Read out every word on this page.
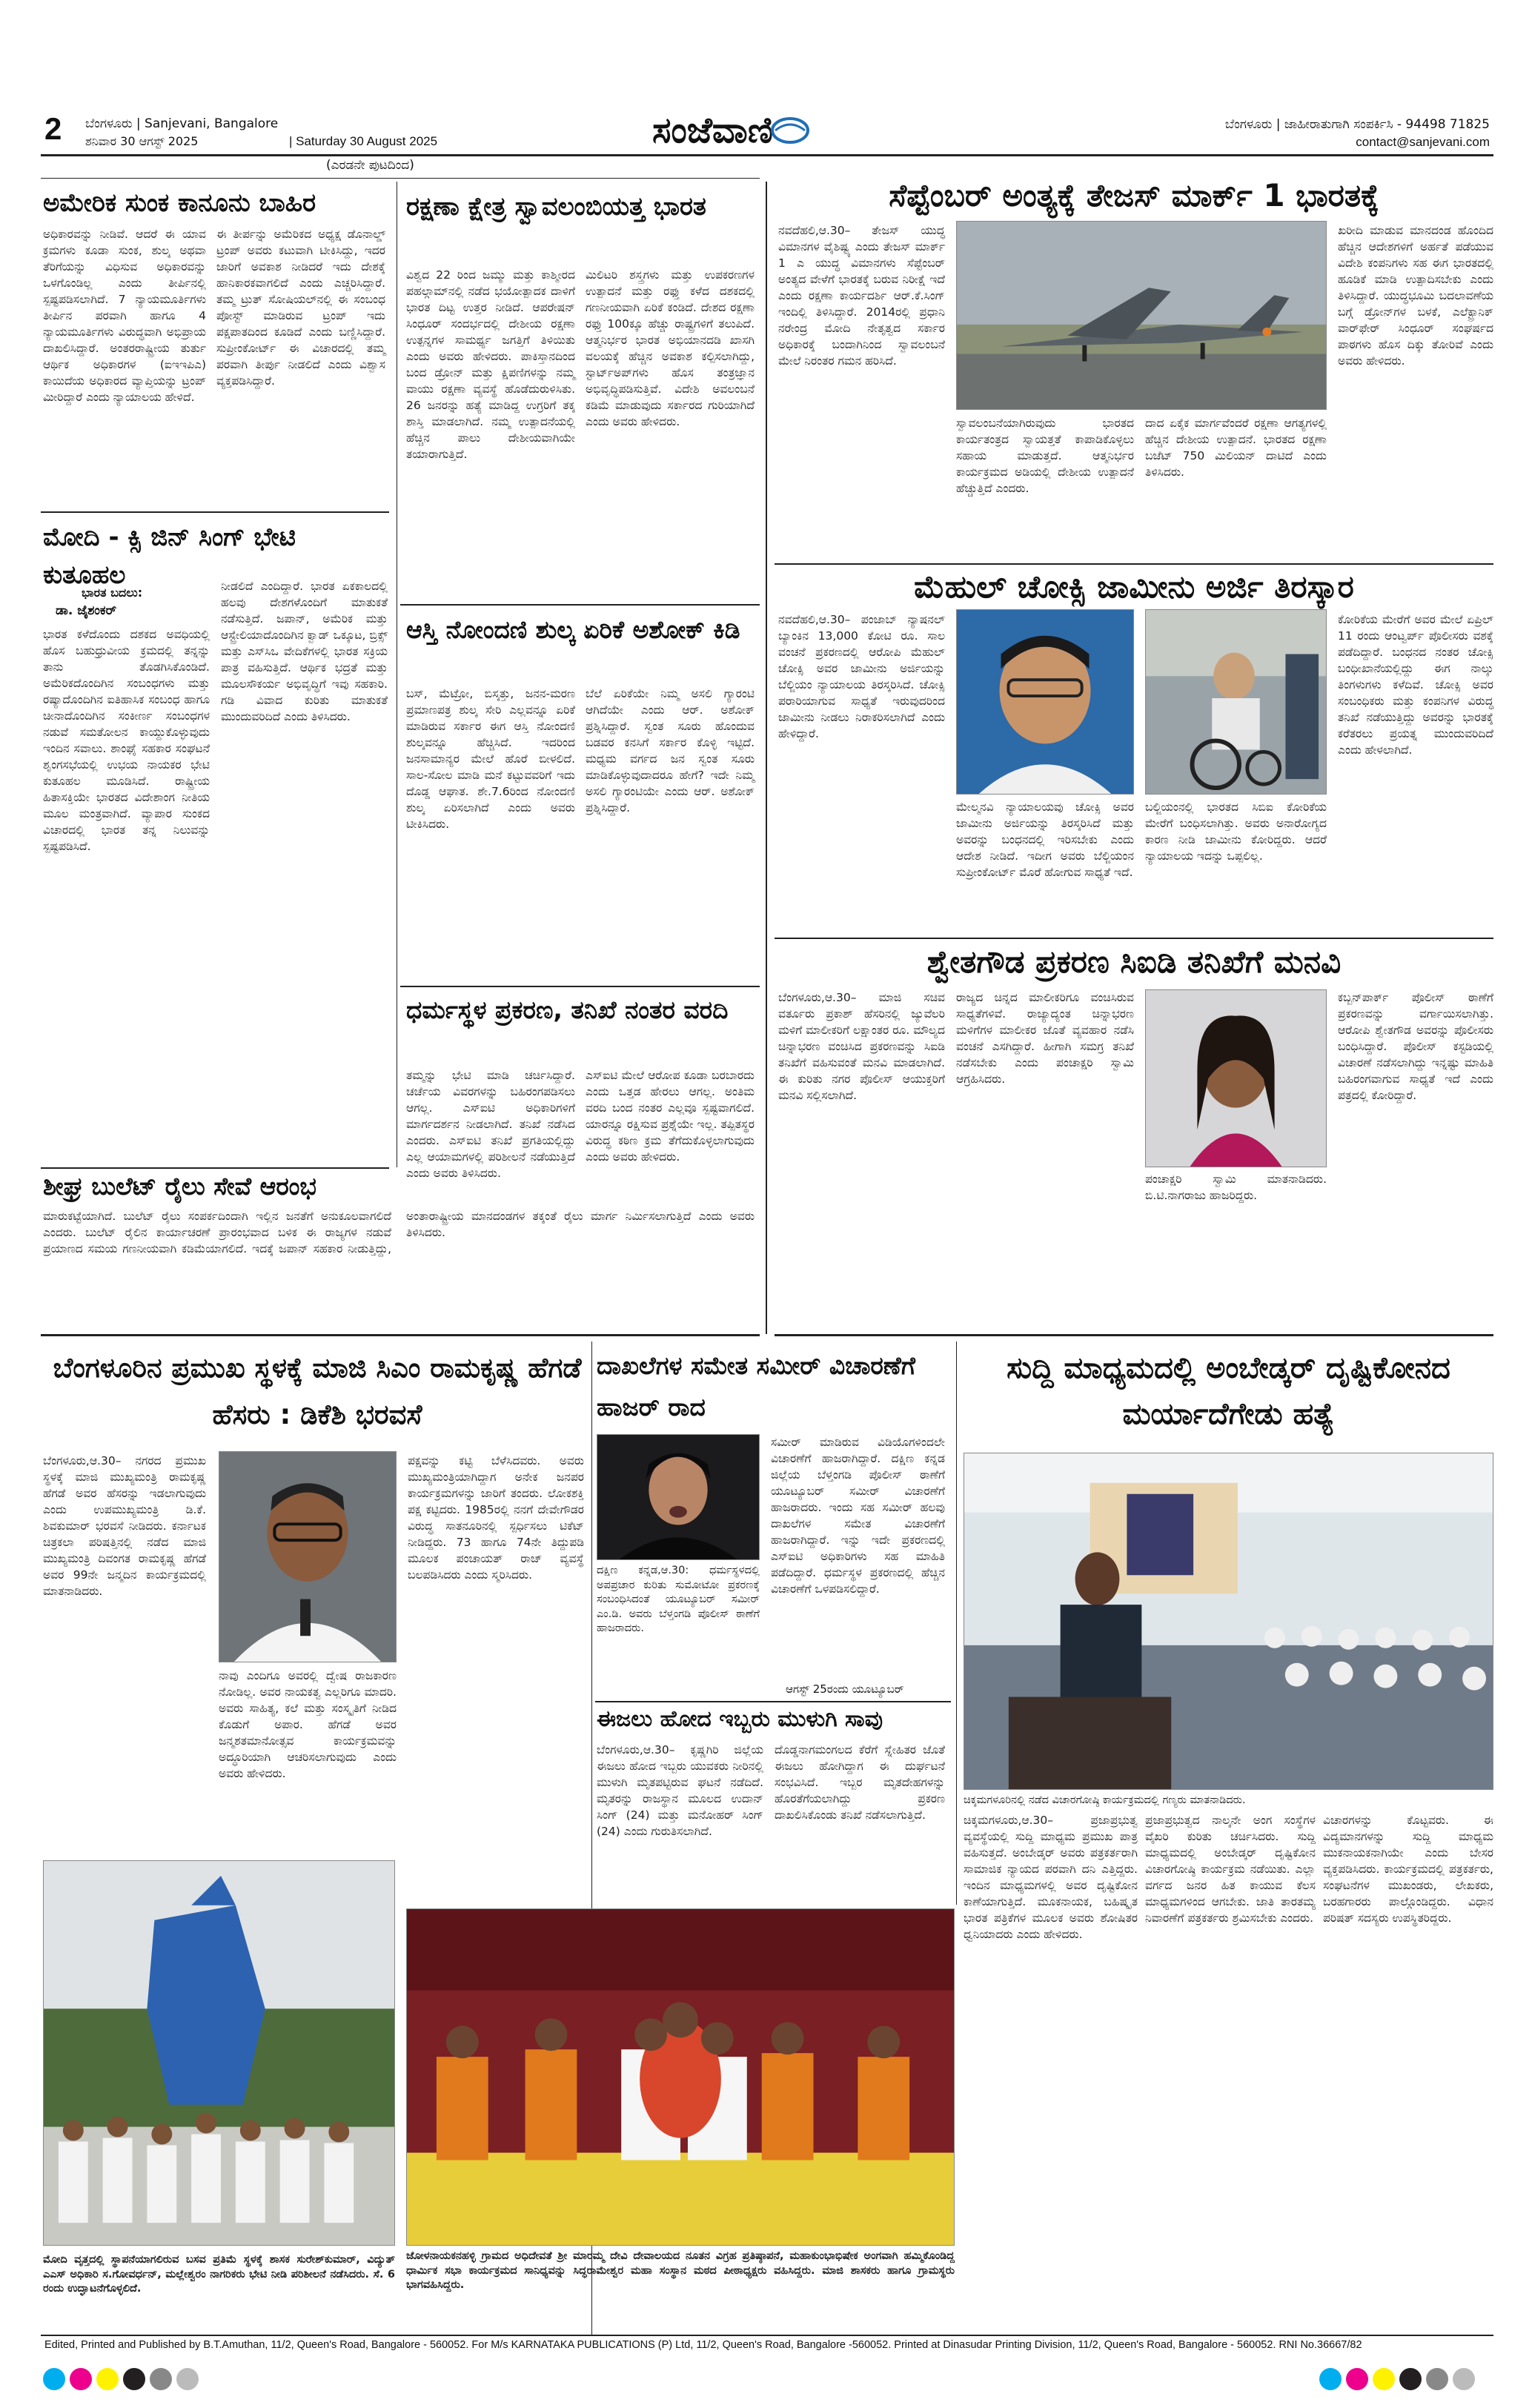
2 ಬೆಂಗಳೂರು | Sanjevani, Bangalore
ಶನಿವಾರ 30 ಆಗಸ್ಟ್ 2025	| Saturday 30 August 2025	ಸಂಜೆವಾಣಿ	ಬೆಂಗಳೂರು | ಜಾಹೀರಾತುಗಾಗಿ ಸಂಪರ್ಕಿಸಿ - 94498 71825
contact@sanjevani.com
(ಎರಡನೇ ಪುಟದಿಂದ)
ಅಮೇರಿಕ ಸುಂಕ ಕಾನೂನು ಬಾಹಿರ
ಅಧಿಕಾರವನ್ನು ನೀಡಿವೆ. ಆದರೆ ಈ ಯಾವ ಕ್ರಮಗಳು ಕೂಡಾ ಸುಂಕ, ಶುಲ್ಕ ಅಥವಾ ತೆರಿಗೆಯನ್ನು ವಿಧಿಸುವ ಅಧಿಕಾರವನ್ನು ಒಳಗೊಂಡಿಲ್ಲ ಎಂದು ತೀರ್ಪಿನಲ್ಲಿ ಸ್ಪಷ್ಟಪಡಿಸಲಾಗಿದೆ. 7 ನ್ಯಾಯಮೂರ್ತಿಗಳು ತೀರ್ಪಿನ ಪರವಾಗಿ ಹಾಗೂ 4 ನ್ಯಾಯಮೂರ್ತಿಗಳು ವಿರುದ್ಧವಾಗಿ ಅಭಿಪ್ರಾಯ ದಾಖಲಿಸಿದ್ದಾರೆ. ಅಂತರರಾಷ್ಟ್ರೀಯ ತುರ್ತು ಆರ್ಥಿಕ ಅಧಿಕಾರಗಳ (ಐಇಇಪಿಎ) ಕಾಯಿದೆಯ ಅಧಿಕಾರದ ವ್ಯಾಪ್ತಿಯನ್ನು ಟ್ರಂಪ್ ಮೀರಿದ್ದಾರೆ ಎಂದು ನ್ಯಾಯಾಲಯ ಹೇಳಿದೆ.
ಈ ತೀರ್ಪನ್ನು ಅಮೆರಿಕದ ಅಧ್ಯಕ್ಷ ಡೊನಾಲ್ಡ್ ಟ್ರಂಪ್ ಅವರು ಕಟುವಾಗಿ ಟೀಕಿಸಿದ್ದು, ಇದರ ಜಾರಿಗೆ ಅವಕಾಶ ನೀಡಿದರೆ ಇದು ದೇಶಕ್ಕೆ ಹಾನಿಕಾರಕವಾಗಲಿದೆ ಎಂದು ಎಚ್ಚರಿಸಿದ್ದಾರೆ. ತಮ್ಮ ಟ್ರುತ್ ಸೋಷಿಯಲ್‌ನಲ್ಲಿ ಈ ಸಂಬಂಧ ಪೋಸ್ಟ್ ಮಾಡಿರುವ ಟ್ರಂಪ್ ಇದು ಪಕ್ಷಪಾತದಿಂದ ಕೂಡಿದೆ ಎಂದು ಬಣ್ಣಿಸಿದ್ದಾರೆ. ಸುಪ್ರೀಂಕೋರ್ಟ್ ಈ ವಿಚಾರದಲ್ಲಿ ತಮ್ಮ ಪರವಾಗಿ ತೀರ್ಪು ನೀಡಲಿದೆ ಎಂದು ವಿಶ್ವಾಸ ವ್ಯಕ್ತಪಡಿಸಿದ್ದಾರೆ.
ಮೋದಿ - ಕ್ಸಿ ಜಿನ್ ಸಿಂಗ್ ಭೇಟಿ ಕುತೂಹಲ
ಭಾರತ ಬದಲು:
ಡಾ. ಜೈಶಂಕರ್
ಭಾರತ ಕಳೆದೊಂದು ದಶಕದ ಅವಧಿಯಲ್ಲಿ ಹೊಸ ಬಹುಧ್ರುವೀಯ ಕ್ರಮದಲ್ಲಿ ತನ್ನನ್ನು ತಾನು ತೊಡಗಿಸಿಕೊಂಡಿದೆ. ಅಮೆರಿಕದೊಂದಿಗಿನ ಸಂಬಂಧಗಳು ಮತ್ತು ರಷ್ಯಾದೊಂದಿಗಿನ ಐತಿಹಾಸಿಕ ಸಂಬಂಧ ಹಾಗೂ ಚೀನಾದೊಂದಿಗಿನ ಸಂಕೀರ್ಣ ಸಂಬಂಧಗಳ ನಡುವೆ ಸಮತೋಲನ ಕಾಯ್ದುಕೊಳ್ಳುವುದು ಇಂದಿನ ಸವಾಲು. ಶಾಂಘೈ ಸಹಕಾರ ಸಂಘಟನೆ ಶೃಂಗಸಭೆಯಲ್ಲಿ ಉಭಯ ನಾಯಕರ ಭೇಟಿ ಕುತೂಹಲ ಮೂಡಿಸಿದೆ. ರಾಷ್ಟ್ರೀಯ ಹಿತಾಸಕ್ತಿಯೇ ಭಾರತದ ವಿದೇಶಾಂಗ ನೀತಿಯ ಮೂಲ ಮಂತ್ರವಾಗಿದೆ. ವ್ಯಾಪಾರ ಸುಂಕದ ವಿಚಾರದಲ್ಲಿ ಭಾರತ ತನ್ನ ನಿಲುವನ್ನು ಸ್ಪಷ್ಟಪಡಿಸಿದೆ.
ನೀಡಲಿದೆ ಎಂದಿದ್ದಾರೆ. ಭಾರತ ಏಕಕಾಲದಲ್ಲಿ ಹಲವು ದೇಶಗಳೊಂದಿಗೆ ಮಾತುಕತೆ ನಡೆಸುತ್ತಿದೆ. ಜಪಾನ್, ಅಮೆರಿಕ ಮತ್ತು ಆಸ್ಟ್ರೇಲಿಯಾದೊಂದಿಗಿನ ಕ್ವಾಡ್ ಒಕ್ಕೂಟ, ಬ್ರಿಕ್ಸ್ ಮತ್ತು ಎಸ್‌ಸಿಒ ವೇದಿಕೆಗಳಲ್ಲಿ ಭಾರತ ಸಕ್ರಿಯ ಪಾತ್ರ ವಹಿಸುತ್ತಿದೆ. ಆರ್ಥಿಕ ಭದ್ರತೆ ಮತ್ತು ಮೂಲಸೌಕರ್ಯ ಅಭಿವೃದ್ಧಿಗೆ ಇವು ಸಹಕಾರಿ. ಗಡಿ ವಿವಾದ ಕುರಿತು ಮಾತುಕತೆ ಮುಂದುವರಿದಿದೆ ಎಂದು ತಿಳಿಸಿದರು.
ಶೀಘ್ರ ಬುಲೆಟ್ ರೈಲು ಸೇವೆ ಆರಂಭ
ಮಾರುಕಟ್ಟೆಯಾಗಿದೆ. ಬುಲೆಟ್ ರೈಲು ಸಂಪರ್ಕದಿಂದಾಗಿ ಇಲ್ಲಿನ ಜನತೆಗೆ ಅನುಕೂಲವಾಗಲಿದೆ ಎಂದರು. ಬುಲೆಟ್ ರೈಲಿನ ಕಾರ್ಯಾಚರಣೆ ಪ್ರಾರಂಭವಾದ ಬಳಿಕ ಈ ರಾಜ್ಯಗಳ ನಡುವೆ ಪ್ರಯಾಣದ ಸಮಯ ಗಣನೀಯವಾಗಿ ಕಡಿಮೆಯಾಗಲಿದೆ. ಇದಕ್ಕೆ ಜಪಾನ್ ಸಹಕಾರ ನೀಡುತ್ತಿದ್ದು, ಅಂತಾರಾಷ್ಟ್ರೀಯ ಮಾನದಂಡಗಳ ತಕ್ಕಂತೆ ರೈಲು ಮಾರ್ಗ ನಿರ್ಮಿಸಲಾಗುತ್ತಿದೆ ಎಂದು ಅವರು ತಿಳಿಸಿದರು.
ರಕ್ಷಣಾ ಕ್ಷೇತ್ರ ಸ್ವಾವಲಂಬಿಯತ್ತ ಭಾರತ
ವಿಶ್ವದ 22 ರಿಂದ ಜಮ್ಮು ಮತ್ತು ಕಾಶ್ಮೀರದ ಪಹಲ್ಗಾಮ್‌ನಲ್ಲಿ ನಡೆದ ಭಯೋತ್ಪಾದಕ ದಾಳಿಗೆ ಭಾರತ ದಿಟ್ಟ ಉತ್ತರ ನೀಡಿದೆ. ಆಪರೇಷನ್ ಸಿಂಧೂರ್ ಸಂದರ್ಭದಲ್ಲಿ ದೇಶೀಯ ರಕ್ಷಣಾ ಉತ್ಪನ್ನಗಳ ಸಾಮರ್ಥ್ಯ ಜಗತ್ತಿಗೆ ತಿಳಿಯಿತು ಎಂದು ಅವರು ಹೇಳಿದರು. ಪಾಕಿಸ್ತಾನದಿಂದ ಬಂದ ಡ್ರೋನ್ ಮತ್ತು ಕ್ಷಿಪಣಿಗಳನ್ನು ನಮ್ಮ ವಾಯು ರಕ್ಷಣಾ ವ್ಯವಸ್ಥೆ ಹೊಡೆದುರುಳಿಸಿತು. 26 ಜನರನ್ನು ಹತ್ಯೆ ಮಾಡಿದ್ದ ಉಗ್ರರಿಗೆ ತಕ್ಕ ಶಾಸ್ತಿ ಮಾಡಲಾಗಿದೆ. ನಮ್ಮ ಉತ್ಪಾದನೆಯಲ್ಲಿ ಹೆಚ್ಚಿನ ಪಾಲು ದೇಶೀಯವಾಗಿಯೇ ತಯಾರಾಗುತ್ತಿದೆ.
ಮಿಲಿಟರಿ ಶಸ್ತ್ರಗಳು ಮತ್ತು ಉಪಕರಣಗಳ ಉತ್ಪಾದನೆ ಮತ್ತು ರಫ್ತು ಕಳೆದ ದಶಕದಲ್ಲಿ ಗಣನೀಯವಾಗಿ ಏರಿಕೆ ಕಂಡಿದೆ. ದೇಶದ ರಕ್ಷಣಾ ರಫ್ತು 100ಕ್ಕೂ ಹೆಚ್ಚು ರಾಷ್ಟ್ರಗಳಿಗೆ ತಲುಪಿದೆ. ಆತ್ಮನಿರ್ಭರ ಭಾರತ ಅಭಿಯಾನದಡಿ ಖಾಸಗಿ ವಲಯಕ್ಕೆ ಹೆಚ್ಚಿನ ಅವಕಾಶ ಕಲ್ಪಿಸಲಾಗಿದ್ದು, ಸ್ಟಾರ್ಟ್‌ಅಪ್‌ಗಳು ಹೊಸ ತಂತ್ರಜ್ಞಾನ ಅಭಿವೃದ್ಧಿಪಡಿಸುತ್ತಿವೆ. ವಿದೇಶಿ ಅವಲಂಬನೆ ಕಡಿಮೆ ಮಾಡುವುದು ಸರ್ಕಾರದ ಗುರಿಯಾಗಿದೆ ಎಂದು ಅವರು ಹೇಳಿದರು.
ಆಸ್ತಿ ನೋಂದಣಿ ಶುಲ್ಕ ಏರಿಕೆ ಅಶೋಕ್ ಕಿಡಿ
ಬಸ್, ಮೆಟ್ರೋ, ಬಿಸ್ಕತ್ತು, ಜನನ-ಮರಣ ಪ್ರಮಾಣಪತ್ರ ಶುಲ್ಕ ಸೇರಿ ಎಲ್ಲವನ್ನೂ ಏರಿಕೆ ಮಾಡಿರುವ ಸರ್ಕಾರ ಈಗ ಆಸ್ತಿ ನೋಂದಣಿ ಶುಲ್ಕವನ್ನೂ ಹೆಚ್ಚಿಸಿದೆ. ಇದರಿಂದ ಜನಸಾಮಾನ್ಯರ ಮೇಲೆ ಹೊರೆ ಬೀಳಲಿದೆ. ಸಾಲ-ಸೋಲ ಮಾಡಿ ಮನೆ ಕಟ್ಟುವವರಿಗೆ ಇದು ದೊಡ್ಡ ಆಘಾತ. ಶೇ.7.6ರಿಂದ ನೋಂದಣಿ ಶುಲ್ಕ ಏರಿಸಲಾಗಿದೆ ಎಂದು ಅವರು ಟೀಕಿಸಿದರು.
ಬೆಲೆ ಏರಿಕೆಯೇ ನಿಮ್ಮ ಅಸಲಿ ಗ್ಯಾರಂಟಿ ಆಗಿದೆಯೇ ಎಂದು ಆರ್. ಅಶೋಕ್ ಪ್ರಶ್ನಿಸಿದ್ದಾರೆ. ಸ್ವಂತ ಸೂರು ಹೊಂದುವ ಬಡವರ ಕನಸಿಗೆ ಸರ್ಕಾರ ಕೊಳ್ಳಿ ಇಟ್ಟಿದೆ. ಮಧ್ಯಮ ವರ್ಗದ ಜನ ಸ್ವಂತ ಸೂರು ಮಾಡಿಕೊಳ್ಳುವುದಾದರೂ ಹೇಗೆ? ಇದೇ ನಿಮ್ಮ ಅಸಲಿ ಗ್ಯಾರಂಟಿಯೇ ಎಂದು ಆರ್. ಅಶೋಕ್ ಪ್ರಶ್ನಿಸಿದ್ದಾರೆ.
ಧರ್ಮಸ್ಥಳ ಪ್ರಕರಣ, ತನಿಖೆ ನಂತರ ವರದಿ
ತಮ್ಮನ್ನು ಭೇಟಿ ಮಾಡಿ ಚರ್ಚಿಸಿದ್ದಾರೆ. ಚರ್ಚೆಯ ವಿವರಗಳನ್ನು ಬಹಿರಂಗಪಡಿಸಲು ಆಗಲ್ಲ. ಎಸ್‌ಐಟಿ ಅಧಿಕಾರಿಗಳಿಗೆ ಮಾರ್ಗದರ್ಶನ ನೀಡಲಾಗಿದೆ. ತನಿಖೆ ನಡೆಸಿದ ಎಂದರು. ಎಸ್‌ಐಟಿ ತನಿಖೆ ಪ್ರಗತಿಯಲ್ಲಿದ್ದು ಎಲ್ಲ ಆಯಾಮಗಳಲ್ಲಿ ಪರಿಶೀಲನೆ ನಡೆಯುತ್ತಿದೆ ಎಂದು ಅವರು ತಿಳಿಸಿದರು.
ಎಸ್‌ಐಟಿ ಮೇಲೆ ಆರೋಪ ಕೂಡಾ ಬರಬಾರದು ಎಂದು ಒತ್ತಡ ಹೇರಲು ಆಗಲ್ಲ. ಅಂತಿಮ ವರದಿ ಬಂದ ನಂತರ ಎಲ್ಲವೂ ಸ್ಪಷ್ಟವಾಗಲಿದೆ. ಯಾರನ್ನೂ ರಕ್ಷಿಸುವ ಪ್ರಶ್ನೆಯೇ ಇಲ್ಲ. ತಪ್ಪಿತಸ್ಥರ ವಿರುದ್ಧ ಕಠಿಣ ಕ್ರಮ ತೆಗೆದುಕೊಳ್ಳಲಾಗುವುದು ಎಂದು ಅವರು ಹೇಳಿದರು.
ಸೆಪ್ಟೆಂಬರ್ ಅಂತ್ಯಕ್ಕೆ ತೇಜಸ್ ಮಾರ್ಕ್ 1 ಭಾರತಕ್ಕೆ
ನವದೆಹಲಿ,ಆ.30– ತೇಜಸ್ ಯುದ್ಧ ವಿಮಾನಗಳ ವೈಶಿಷ್ಟ್ಯ ಎಂದು ತೇಜಸ್ ಮಾರ್ಕ್ 1 ಎ ಯುದ್ಧ ವಿಮಾನಗಳು ಸೆಪ್ಟೆಂಬರ್ ಅಂತ್ಯದ ವೇಳೆಗೆ ಭಾರತಕ್ಕೆ ಬರುವ ನಿರೀಕ್ಷೆ ಇದೆ ಎಂದು ರಕ್ಷಣಾ ಕಾರ್ಯದರ್ಶಿ ಆರ್.ಕೆ.ಸಿಂಗ್ ಇಂದಿಲ್ಲಿ ತಿಳಿಸಿದ್ದಾರೆ. 2014ರಲ್ಲಿ ಪ್ರಧಾನಿ ನರೇಂದ್ರ ಮೋದಿ ನೇತೃತ್ವದ ಸರ್ಕಾರ ಅಧಿಕಾರಕ್ಕೆ ಬಂದಾಗಿನಿಂದ ಸ್ವಾವಲಂಬನೆ ಮೇಲೆ ನಿರಂತರ ಗಮನ ಹರಿಸಿದೆ.
ಸ್ವಾವಲಂಬನೆಯಾಗಿರುವುದು ಭಾರತದ ಕಾರ್ಯತಂತ್ರದ ಸ್ವಾಯತ್ತತೆ ಕಾಪಾಡಿಕೊಳ್ಳಲು ಸಹಾಯ ಮಾಡುತ್ತದೆ. ಆತ್ಮನಿರ್ಭರ ಕಾರ್ಯಕ್ರಮದ ಅಡಿಯಲ್ಲಿ ದೇಶೀಯ ಉತ್ಪಾದನೆ ಹೆಚ್ಚುತ್ತಿದೆ ಎಂದರು.
ದಾದ ಏಕೈಕ ಮಾರ್ಗವೆಂದರೆ ರಕ್ಷಣಾ ಆಗತ್ಯಗಳಲ್ಲಿ ಹೆಚ್ಚಿನ ದೇಶೀಯ ಉತ್ಪಾದನೆ. ಭಾರತದ ರಕ್ಷಣಾ ಬಜೆಟ್ 750 ಮಿಲಿಯನ್ ದಾಟಿದೆ ಎಂದು ತಿಳಿಸಿದರು.
ಖರೀದಿ ಮಾಡುವ ಮಾನದಂಡ ಹೊಂದಿದ ಹೆಚ್ಚಿನ ಆದೇಶಗಳಿಗೆ ಅರ್ಹತೆ ಪಡೆಯುವ ವಿದೇಶಿ ಕಂಪನಿಗಳು ಸಹ ಈಗ ಭಾರತದಲ್ಲಿ ಹೂಡಿಕೆ ಮಾಡಿ ಉತ್ಪಾದಿಸಬೇಕು ಎಂದು ತಿಳಿಸಿದ್ದಾರೆ. ಯುದ್ಧಭೂಮಿ ಬದಲಾವಣೆಯ ಬಗ್ಗೆ ಡ್ರೋನ್‌ಗಳ ಬಳಕೆ, ಎಲೆಕ್ಟ್ರಾನಿಕ್ ವಾರ್‌ಫೇರ್ ಸಿಂಧೂರ್ ಸಂಘರ್ಷದ ಪಾಠಗಳು ಹೊಸ ದಿಕ್ಕು ತೋರಿವೆ ಎಂದು ಅವರು ಹೇಳಿದರು.
ಮೆಹುಲ್ ಚೋಕ್ಸಿ ಜಾಮೀನು ಅರ್ಜಿ ತಿರಸ್ಕಾರ
ನವದೆಹಲಿ,ಆ.30– ಪಂಜಾಬ್ ನ್ಯಾಷನಲ್ ಬ್ಯಾಂಕಿನ 13,000 ಕೋಟಿ ರೂ. ಸಾಲ ವಂಚನೆ ಪ್ರಕರಣದಲ್ಲಿ ಆರೋಪಿ ಮೆಹುಲ್ ಚೋಕ್ಸಿ ಅವರ ಜಾಮೀನು ಅರ್ಜಿಯನ್ನು ಬೆಲ್ಜಿಯಂ ನ್ಯಾಯಾಲಯ ತಿರಸ್ಕರಿಸಿದೆ. ಚೋಕ್ಸಿ ಪರಾರಿಯಾಗುವ ಸಾಧ್ಯತೆ ಇರುವುದರಿಂದ ಜಾಮೀನು ನೀಡಲು ನಿರಾಕರಿಸಲಾಗಿದೆ ಎಂದು ಹೇಳಿದ್ದಾರೆ.
ಮೇಲ್ಮನವಿ ನ್ಯಾಯಾಲಯವು ಚೋಕ್ಸಿ ಅವರ ಜಾಮೀನು ಅರ್ಜಿಯನ್ನು ತಿರಸ್ಕರಿಸಿದೆ ಮತ್ತು ಅವರನ್ನು ಬಂಧನದಲ್ಲಿ ಇರಿಸಬೇಕು ಎಂದು ಆದೇಶ ನೀಡಿದೆ. ಇದೀಗ ಅವರು ಬೆಲ್ಜಿಯಂನ ಸುಪ್ರೀಂಕೋರ್ಟ್ ಮೊರೆ ಹೋಗುವ ಸಾಧ್ಯತೆ ಇದೆ.
ಬಲ್ಜಿಯಂನಲ್ಲಿ ಭಾರತದ ಸಿಬಿಐ ಕೋರಿಕೆಯ ಮೇರೆಗೆ ಬಂಧಿಸಲಾಗಿತ್ತು. ಅವರು ಅನಾರೋಗ್ಯದ ಕಾರಣ ನೀಡಿ ಜಾಮೀನು ಕೋರಿದ್ದರು. ಆದರೆ ನ್ಯಾಯಾಲಯ ಇದನ್ನು ಒಪ್ಪಲಿಲ್ಲ.
ಕೋರಿಕೆಯ ಮೇರೆಗೆ ಅವರ ಮೇಲೆ ಏಪ್ರಿಲ್ 11 ರಂದು ಆಂಟ್ವರ್ಪ್ ಪೊಲೀಸರು ವಶಕ್ಕೆ ಪಡೆದಿದ್ದಾರೆ. ಬಂಧನದ ನಂತರ ಚೋಕ್ಸಿ ಬಂಧೀಖಾನೆಯಲ್ಲಿದ್ದು ಈಗ ನಾಲ್ಕು ತಿಂಗಳುಗಳು ಕಳೆದಿವೆ. ಚೋಕ್ಸಿ ಅವರ ಸಂಬಂಧಿಕರು ಮತ್ತು ಕಂಪನಿಗಳ ವಿರುದ್ಧ ತನಿಖೆ ನಡೆಯುತ್ತಿದ್ದು ಅವರನ್ನು ಭಾರತಕ್ಕೆ ಕರೆತರಲು ಪ್ರಯತ್ನ ಮುಂದುವರಿದಿದೆ ಎಂದು ಹೇಳಲಾಗಿದೆ.
ಶ್ವೇತಗೌಡ ಪ್ರಕರಣ ಸಿಐಡಿ ತನಿಖೆಗೆ ಮನವಿ
ಬೆಂಗಳೂರು,ಆ.30– ಮಾಜಿ ಸಚಿವ ವರ್ತೂರು ಪ್ರಕಾಶ್ ಹೆಸರಿನಲ್ಲಿ ಜ್ಯುವೆಲರಿ ಮಳಿಗೆ ಮಾಲೀಕರಿಗೆ ಲಕ್ಷಾಂತರ ರೂ. ಮೌಲ್ಯದ ಚಿನ್ನಾಭರಣ ವಂಚಿಸಿದ ಪ್ರಕರಣವನ್ನು ಸಿಐಡಿ ತನಿಖೆಗೆ ವಹಿಸುವಂತೆ ಮನವಿ ಮಾಡಲಾಗಿದೆ. ಈ ಕುರಿತು ನಗರ ಪೊಲೀಸ್ ಆಯುಕ್ತರಿಗೆ ಮನವಿ ಸಲ್ಲಿಸಲಾಗಿದೆ.
ರಾಜ್ಯದ ಚಿನ್ನದ ಮಾಲೀಕರಿಗೂ ವಂಚಿಸಿರುವ ಸಾಧ್ಯತೆಗಳಿವೆ. ರಾಜ್ಯಾದ್ಯಂತ ಚಿನ್ನಾಭರಣ ಮಳಿಗೆಗಳ ಮಾಲೀಕರ ಜೊತೆ ವ್ಯವಹಾರ ನಡೆಸಿ ವಂಚನೆ ಎಸಗಿದ್ದಾರೆ. ಹೀಗಾಗಿ ಸಮಗ್ರ ತನಿಖೆ ನಡೆಸಬೇಕು ಎಂದು ಪಂಚಾಕ್ಷರಿ ಸ್ವಾಮಿ ಆಗ್ರಹಿಸಿದರು.
ಪಂಚಾಕ್ಷರಿ ಸ್ವಾಮಿ ಮಾತನಾಡಿದರು. ಬಿ.ಟಿ.ನಾಗರಾಜು ಹಾಜರಿದ್ದರು.
ಕಬ್ಬನ್‌ಪಾರ್ಕ್ ಪೊಲೀಸ್ ಠಾಣೆಗೆ ಪ್ರಕರಣವನ್ನು ವರ್ಗಾಯಿಸಲಾಗಿತ್ತು. ಆರೋಪಿ ಶ್ವೇತಗೌಡ ಅವರನ್ನು ಪೊಲೀಸರು ಬಂಧಿಸಿದ್ದಾರೆ. ಪೊಲೀಸ್ ಕಸ್ಟಡಿಯಲ್ಲಿ ವಿಚಾರಣೆ ನಡೆಸಲಾಗಿದ್ದು ಇನ್ನಷ್ಟು ಮಾಹಿತಿ ಬಹಿರಂಗವಾಗುವ ಸಾಧ್ಯತೆ ಇದೆ ಎಂದು ಪತ್ರದಲ್ಲಿ ಕೋರಿದ್ದಾರೆ.
ಬೆಂಗಳೂರಿನ ಪ್ರಮುಖ ಸ್ಥಳಕ್ಕೆ ಮಾಜಿ ಸಿಎಂ ರಾಮಕೃಷ್ಣ ಹೆಗಡೆ ಹೆಸರು : ಡಿಕೆಶಿ ಭರವಸೆ
ಬೆಂಗಳೂರು,ಆ.30– ನಗರದ ಪ್ರಮುಖ ಸ್ಥಳಕ್ಕೆ ಮಾಜಿ ಮುಖ್ಯಮಂತ್ರಿ ರಾಮಕೃಷ್ಣ ಹೆಗಡೆ ಅವರ ಹೆಸರನ್ನು ಇಡಲಾಗುವುದು ಎಂದು ಉಪಮುಖ್ಯಮಂತ್ರಿ ಡಿ.ಕೆ. ಶಿವಕುಮಾರ್ ಭರವಸೆ ನೀಡಿದರು. ಕರ್ನಾಟಕ ಚಿತ್ರಕಲಾ ಪರಿಷತ್ತಿನಲ್ಲಿ ನಡೆದ ಮಾಜಿ ಮುಖ್ಯಮಂತ್ರಿ ದಿವಂಗತ ರಾಮಕೃಷ್ಣ ಹೆಗಡೆ ಅವರ 99ನೇ ಜನ್ಮದಿನ ಕಾರ್ಯಕ್ರಮದಲ್ಲಿ ಮಾತನಾಡಿದರು.
ನಾವು ಎಂದಿಗೂ ಅವರಲ್ಲಿ ದ್ವೇಷ ರಾಜಕಾರಣ ನೋಡಿಲ್ಲ. ಅವರ ನಾಯಕತ್ವ ಎಲ್ಲರಿಗೂ ಮಾದರಿ. ಅವರು ಸಾಹಿತ್ಯ, ಕಲೆ ಮತ್ತು ಸಂಸ್ಕೃತಿಗೆ ನೀಡಿದ ಕೊಡುಗೆ ಅಪಾರ. ಹೆಗಡೆ ಅವರ ಜನ್ಮಶತಮಾನೋತ್ಸವ ಕಾರ್ಯಕ್ರಮವನ್ನು ಅದ್ಧೂರಿಯಾಗಿ ಆಚರಿಸಲಾಗುವುದು ಎಂದು ಅವರು ಹೇಳಿದರು.
ಪಕ್ಷವನ್ನು ಕಟ್ಟಿ ಬೆಳೆಸಿದವರು. ಅವರು ಮುಖ್ಯಮಂತ್ರಿಯಾಗಿದ್ದಾಗ ಅನೇಕ ಜನಪರ ಕಾರ್ಯಕ್ರಮಗಳನ್ನು ಜಾರಿಗೆ ತಂದರು. ಲೋಕಶಕ್ತಿ ಪಕ್ಷ ಕಟ್ಟಿದರು. 1985ರಲ್ಲಿ ನನಗೆ ದೇವೇಗೌಡರ ವಿರುದ್ಧ ಸಾತನೂರಿನಲ್ಲಿ ಸ್ಪರ್ಧಿಸಲು ಟಿಕೆಟ್ ನೀಡಿದ್ದರು. 73 ಹಾಗೂ 74ನೇ ತಿದ್ದುಪಡಿ ಮೂಲಕ ಪಂಚಾಯತ್ ರಾಜ್ ವ್ಯವಸ್ಥೆ ಬಲಪಡಿಸಿದರು ಎಂದು ಸ್ಮರಿಸಿದರು.
ಮೋದಿ ವೃತ್ತದಲ್ಲಿ ಸ್ಥಾಪನೆಯಾಗಲಿರುವ ಬಸವ ಪ್ರತಿಮೆ ಸ್ಥಳಕ್ಕೆ ಶಾಸಕ ಸುರೇಶ್‌ಕುಮಾರ್, ವಿದ್ಯುತ್ ಎಎಸ್ ಅಧಿಕಾರಿ ಸ.ಗೋವರ್ಧನ್, ಮಲ್ಲೇಶ್ವರಂ ನಾಗರಿಕರು ಭೇಟಿ ನೀಡಿ ಪರಿಶೀಲನೆ ನಡೆಸಿದರು. ಸೆ. 6 ರಂದು ಉದ್ಘಾಟನೆಗೊಳ್ಳಲಿದೆ.
ದಾಖಲೆಗಳ ಸಮೇತ ಸಮೀರ್ ವಿಚಾರಣೆಗೆ ಹಾಜರ್ ರಾದ
ದಕ್ಷಿಣ ಕನ್ನಡ,ಆ.30: ಧರ್ಮಸ್ಥಳದಲ್ಲಿ ಅಪಪ್ರಚಾರ ಕುರಿತು ಸುಮೋಟೋ ಪ್ರಕರಣಕ್ಕೆ ಸಂಬಂಧಿಸಿದಂತೆ ಯೂಟ್ಯೂಬರ್ ಸಮೀರ್ ಎಂ.ಡಿ. ಅವರು ಬೆಳ್ತಂಗಡಿ ಪೊಲೀಸ್ ಠಾಣೆಗೆ ಹಾಜರಾದರು.
ಸಮೀರ್ ಮಾಡಿರುವ ವಿಡಿಯೊಗಳಿಂದಲೇ ವಿಚಾರಣೆಗೆ ಹಾಜರಾಗಿದ್ದಾರೆ. ದಕ್ಷಿಣ ಕನ್ನಡ ಜಿಲ್ಲೆಯ ಬೆಳ್ತಂಗಡಿ ಪೊಲೀಸ್ ಠಾಣೆಗೆ ಯೂಟ್ಯೂಬರ್ ಸಮೀರ್ ವಿಚಾರಣೆಗೆ ಹಾಜರಾದರು. ಇಂದು ಸಹ ಸಮೀರ್ ಹಲವು ದಾಖಲೆಗಳ ಸಮೇತ ವಿಚಾರಣೆಗೆ ಹಾಜರಾಗಿದ್ದಾರೆ. ಇನ್ನು ಇದೇ ಪ್ರಕರಣದಲ್ಲಿ ಎಸ್‌ಐಟಿ ಅಧಿಕಾರಿಗಳು ಸಹ ಮಾಹಿತಿ ಪಡೆದಿದ್ದಾರೆ. ಧರ್ಮಸ್ಥಳ ಪ್ರಕರಣದಲ್ಲಿ ಹೆಚ್ಚಿನ ವಿಚಾರಣೆಗೆ ಒಳಪಡಿಸಲಿದ್ದಾರೆ.
ಆಗಸ್ಟ್ 25ರಂದು ಯೂಟ್ಯೂಬರ್
ಈಜಲು ಹೋದ ಇಬ್ಬರು ಮುಳುಗಿ ಸಾವು
ಬೆಂಗಳೂರು,ಆ.30– ಕೃಷ್ಣಗಿರಿ ಜಿಲ್ಲೆಯ ಈಜಲು ಹೋದ ಇಬ್ಬರು ಯುವಕರು ನೀರಿನಲ್ಲಿ ಮುಳುಗಿ ಮೃತಪಟ್ಟಿರುವ ಘಟನೆ ನಡೆದಿದೆ. ಮೃತರನ್ನು ರಾಜಸ್ಥಾನ ಮೂಲದ ಉದಾನ್ ಸಿಂಗ್ (24) ಮತ್ತು ಮನೋಹರ್ ಸಿಂಗ್ (24) ಎಂದು ಗುರುತಿಸಲಾಗಿದೆ.
ದೊಡ್ಡನಾಗಮಂಗಲದ ಕೆರೆಗೆ ಸ್ನೇಹಿತರ ಜೊತೆ ಈಜಲು ಹೋಗಿದ್ದಾಗ ಈ ದುರ್ಘಟನೆ ಸಂಭವಿಸಿದೆ. ಇಬ್ಬರ ಮೃತದೇಹಗಳನ್ನು ಹೊರತೆಗೆಯಲಾಗಿದ್ದು ಪ್ರಕರಣ ದಾಖಲಿಸಿಕೊಂಡು ತನಿಖೆ ನಡೆಸಲಾಗುತ್ತಿದೆ.
ಸುದ್ದಿ ಮಾಧ್ಯಮದಲ್ಲಿ ಅಂಬೇಡ್ಕರ್ ದೃಷ್ಟಿಕೋನದ ಮರ್ಯಾದೆಗೇಡು ಹತ್ಯೆ
ಚಿಕ್ಕಮಗಳೂರಿನಲ್ಲಿ ನಡೆದ ವಿಚಾರಗೋಷ್ಠಿ ಕಾರ್ಯಕ್ರಮದಲ್ಲಿ ಗಣ್ಯರು ಮಾತನಾಡಿದರು.
ಚಿಕ್ಕಮಗಳೂರು,ಆ.30– ಪ್ರಜಾಪ್ರಭುತ್ವ ವ್ಯವಸ್ಥೆಯಲ್ಲಿ ಸುದ್ದಿ ಮಾಧ್ಯಮ ಪ್ರಮುಖ ಪಾತ್ರ ವಹಿಸುತ್ತದೆ. ಅಂಬೇಡ್ಕರ್ ಅವರು ಪತ್ರಕರ್ತರಾಗಿ ಸಾಮಾಜಿಕ ನ್ಯಾಯದ ಪರವಾಗಿ ದನಿ ಎತ್ತಿದ್ದರು. ಇಂದಿನ ಮಾಧ್ಯಮಗಳಲ್ಲಿ ಅವರ ದೃಷ್ಟಿಕೋನ ಕಾಣೆಯಾಗುತ್ತಿದೆ. ಮೂಕನಾಯಕ, ಬಹಿಷ್ಕೃತ ಭಾರತ ಪತ್ರಿಕೆಗಳ ಮೂಲಕ ಅವರು ಶೋಷಿತರ ಧ್ವನಿಯಾದರು ಎಂದು ಹೇಳಿದರು.
ಪ್ರಜಾಪ್ರಭುತ್ವದ ನಾಲ್ಕನೇ ಅಂಗ ಸಂಸ್ಥೆಗಳ ವೈಖರಿ ಕುರಿತು ಚರ್ಚಿಸಿದರು. ಸುದ್ದಿ ಮಾಧ್ಯಮದಲ್ಲಿ ಅಂಬೇಡ್ಕರ್ ದೃಷ್ಟಿಕೋನ ವಿಚಾರಗೋಷ್ಠಿ ಕಾರ್ಯಕ್ರಮ ನಡೆಯಿತು. ಎಲ್ಲಾ ವರ್ಗದ ಜನರ ಹಿತ ಕಾಯುವ ಕೆಲಸ ಮಾಧ್ಯಮಗಳಿಂದ ಆಗಬೇಕು. ಜಾತಿ ತಾರತಮ್ಯ ನಿವಾರಣೆಗೆ ಪತ್ರಕರ್ತರು ಶ್ರಮಿಸಬೇಕು ಎಂದರು.
ವಿಚಾರಗಳನ್ನು ಕೊಟ್ಟವರು. ಈ ವಿದ್ಯಮಾನಗಳನ್ನು ಸುದ್ದಿ ಮಾಧ್ಯಮ ಮುಕನಾಯಕನಾಗಿಯೇ ಎಂದು ಬೇಸರ ವ್ಯಕ್ತಪಡಿಸಿದರು. ಕಾರ್ಯಕ್ರಮದಲ್ಲಿ ಪತ್ರಕರ್ತರು, ಸಂಘಟನೆಗಳ ಮುಖಂಡರು, ಲೇಖಕರು, ಬರಹಗಾರರು ಪಾಲ್ಗೊಂಡಿದ್ದರು. ವಿಧಾನ ಪರಿಷತ್ ಸದಸ್ಯರು ಉಪಸ್ಥಿತರಿದ್ದರು.
ಜೋಳನಾಯಕನಹಳ್ಳಿ ಗ್ರಾಮದ ಅಧಿದೇವತೆ ಶ್ರೀ ಮಾರಮ್ಮ ದೇವಿ ದೇವಾಲಯದ ನೂತನ ವಿಗ್ರಹ ಪ್ರತಿಷ್ಠಾಪನೆ, ಮಹಾಕುಂಭಾಭಿಷೇಕ ಅಂಗವಾಗಿ ಹಮ್ಮಿಕೊಂಡಿದ್ದ ಧಾರ್ಮಿಕ ಸಭಾ ಕಾರ್ಯಕ್ರಮದ ಸಾನಿಧ್ಯವನ್ನು ಸಿದ್ಧರಾಮೇಶ್ವರ ಮಹಾ ಸಂಸ್ಥಾನ ಮಠದ ಪೀಠಾಧ್ಯಕ್ಷರು ವಹಿಸಿದ್ದರು. ಮಾಜಿ ಶಾಸಕರು ಹಾಗೂ ಗ್ರಾಮಸ್ಥರು ಭಾಗವಹಿಸಿದ್ದರು.
Edited, Printed and Published by B.T.Amuthan, 11/2, Queen's Road, Bangalore - 560052. For M/s KARNATAKA PUBLICATIONS (P) Ltd, 11/2, Queen's Road, Bangalore -560052. Printed at Dinasudar Printing Division, 11/2, Queen's Road, Bangalore - 560052. RNI No.36667/82
